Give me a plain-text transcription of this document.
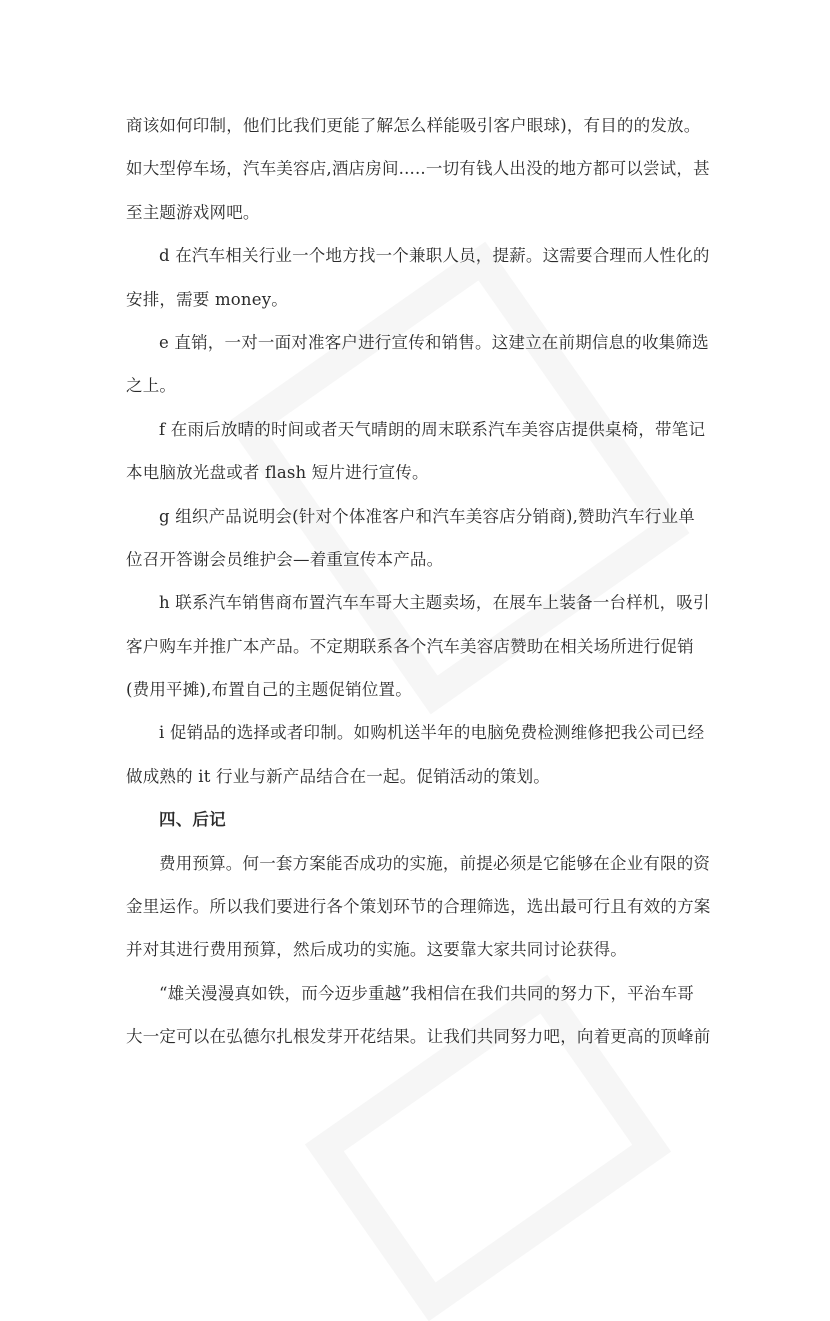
商该如何印制，他们比我们更能了解怎么样能吸引客户眼球)，有目的的发放。
如大型停车场，汽车美容店,酒店房间.....一切有钱人出没的地方都可以尝试，甚
至主题游戏网吧。
d 在汽车相关行业一个地方找一个兼职人员，提薪。这需要合理而人性化的
安排，需要 money。
e 直销，一对一面对准客户进行宣传和销售。这建立在前期信息的收集筛选
之上。
f 在雨后放晴的时间或者天气晴朗的周末联系汽车美容店提供桌椅，带笔记
本电脑放光盘或者 flash 短片进行宣传。
g 组织产品说明会(针对个体准客户和汽车美容店分销商),赞助汽车行业单
位召开答谢会员维护会—着重宣传本产品。
h 联系汽车销售商布置汽车车哥大主题卖场，在展车上装备一台样机，吸引
客户购车并推广本产品。不定期联系各个汽车美容店赞助在相关场所进行促销
(费用平摊),布置自己的主题促销位置。
i 促销品的选择或者印制。如购机送半年的电脑免费检测维修把我公司已经
做成熟的 it 行业与新产品结合在一起。促销活动的策划。
四、后记
费用预算。何一套方案能否成功的实施，前提必须是它能够在企业有限的资
金里运作。所以我们要进行各个策划环节的合理筛选，选出最可行且有效的方案
并对其进行费用预算，然后成功的实施。这要靠大家共同讨论获得。
“雄关漫漫真如铁，而今迈步重越”我相信在我们共同的努力下，平治车哥
大一定可以在弘德尔扎根发芽开花结果。让我们共同努力吧，向着更高的顶峰前
